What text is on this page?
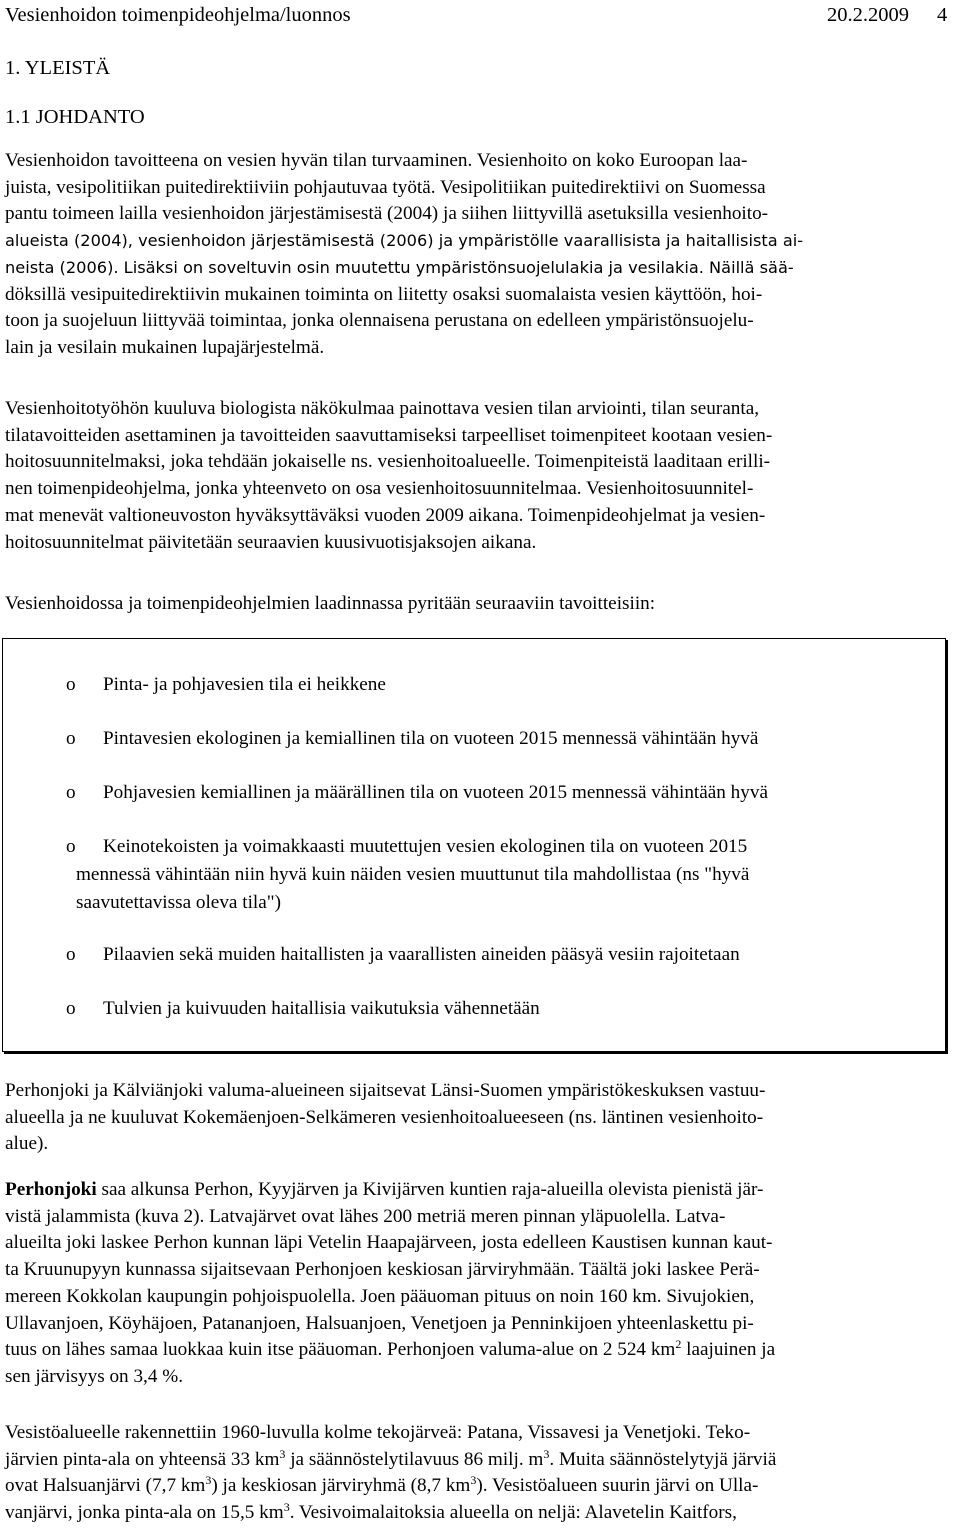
Vesienhoidon toimenpideohjelma/luonnos	20.2.2009 4
1. YLEISTÄ
1.1 JOHDANTO
Vesienhoidon tavoitteena on vesien hyvän tilan turvaaminen. Vesienhoito on koko Euroopan laa-
juista, vesipolitiikan puitedirektiiviin pohjautuvaa työtä. Vesipolitiikan puitedirektiivi on Suomessa
pantu toimeen lailla vesienhoidon järjestämisestä (2004) ja siihen liittyvillä asetuksilla vesienhoito-
alueista (2004), vesienhoidon järjestämisestä (2006) ja ympäristölle vaarallisista ja haitallisista ai-
neista (2006). Lisäksi on soveltuvin osin muutettu ympäristönsuojelulakia ja vesilakia. Näillä sää-
döksillä vesipuitedirektiivin mukainen toiminta on liitetty osaksi suomalaista vesien käyttöön, hoi-
toon ja suojeluun liittyvää toimintaa, jonka olennaisena perustana on edelleen ympäristönsuojelu-
lain ja vesilain mukainen lupajärjestelmä.
Vesienhoitotyöhön kuuluva biologista näkökulmaa painottava vesien tilan arviointi, tilan seuranta,
tilatavoitteiden asettaminen ja tavoitteiden saavuttamiseksi tarpeelliset toimenpiteet kootaan vesien-
hoitosuunnitelmaksi, joka tehdään jokaiselle ns. vesienhoitoalueelle. Toimenpiteistä laaditaan erilli-
nen toimenpideohjelma, jonka yhteenveto on osa vesienhoitosuunnitelmaa. Vesienhoitosuunnitel-
mat menevät valtioneuvoston hyväksyttäväksi vuoden 2009 aikana. Toimenpideohjelmat ja vesien-
hoitosuunnitelmat päivitetään seuraavien kuusivuotisjaksojen aikana.
Vesienhoidossa ja toimenpideohjelmien laadinnassa pyritään seuraaviin tavoitteisiin:
o Pinta- ja pohjavesien tila ei heikkene
o Pintavesien ekologinen ja kemiallinen tila on vuoteen 2015 mennessä vähintään hyvä
o Pohjavesien kemiallinen ja määrällinen tila on vuoteen 2015 mennessä vähintään hyvä
o Keinotekoisten ja voimakkaasti muutettujen vesien ekologinen tila on vuoteen 2015
mennessä vähintään niin hyvä kuin näiden vesien muuttunut tila mahdollistaa (ns "hyvä
saavutettavissa oleva tila")
o Pilaavien sekä muiden haitallisten ja vaarallisten aineiden pääsyä vesiin rajoitetaan
o Tulvien ja kuivuuden haitallisia vaikutuksia vähennetään
Perhonjoki ja Kälviänjoki valuma-alueineen sijaitsevat Länsi-Suomen ympäristökeskuksen vastuu-
alueella ja ne kuuluvat Kokemäenjoen-Selkämeren vesienhoitoalueeseen (ns. läntinen vesienhoito-
alue).
Perhonjoki saa alkunsa Perhon, Kyyjärven ja Kivijärven kuntien raja-alueilla olevista pienistä jär-
vistä jalammista (kuva 2). Latvajärvet ovat lähes 200 metriä meren pinnan yläpuolella. Latva-
alueilta joki laskee Perhon kunnan läpi Vetelin Haapajärveen, josta edelleen Kaustisen kunnan kaut-
ta Kruunupyyn kunnassa sijaitsevaan Perhonjoen keskiosan järviryhmään. Täältä joki laskee Perä-
mereen Kokkolan kaupungin pohjoispuolella. Joen pääuoman pituus on noin 160 km. Sivujokien,
Ullavanjoen, Köyhäjoen, Patananjoen, Halsuanjoen, Venetjoen ja Penninkijoen yhteenlaskettu pi-
tuus on lähes samaa luokkaa kuin itse pääuoman. Perhonjoen valuma-alue on 2 524 $km^2$ laajuinen ja
sen järvisyys on 3,4 %.
Vesistöalueelle rakennettiin 1960-luvulla kolme tekojärveä: Patana, Vissavesi ja Venetjoki. Teko-
järvien pinta-ala on yhteensä 33 $km^3$ ja säännöstelytilavuus 86 milj. $m^3$. Muita säännöstelytyjä järviä
ovat Halsuanjärvi (7,7 $km^3$) ja keskiosan järviryhmä (8,7 $km^3$). Vesistöalueen suurin järvi on Ulla-
vanjärvi, jonka pinta-ala on 15,5 $km^3$. Vesivoimalaitoksia alueella on neljä: Alavetelin Kaitfors,
